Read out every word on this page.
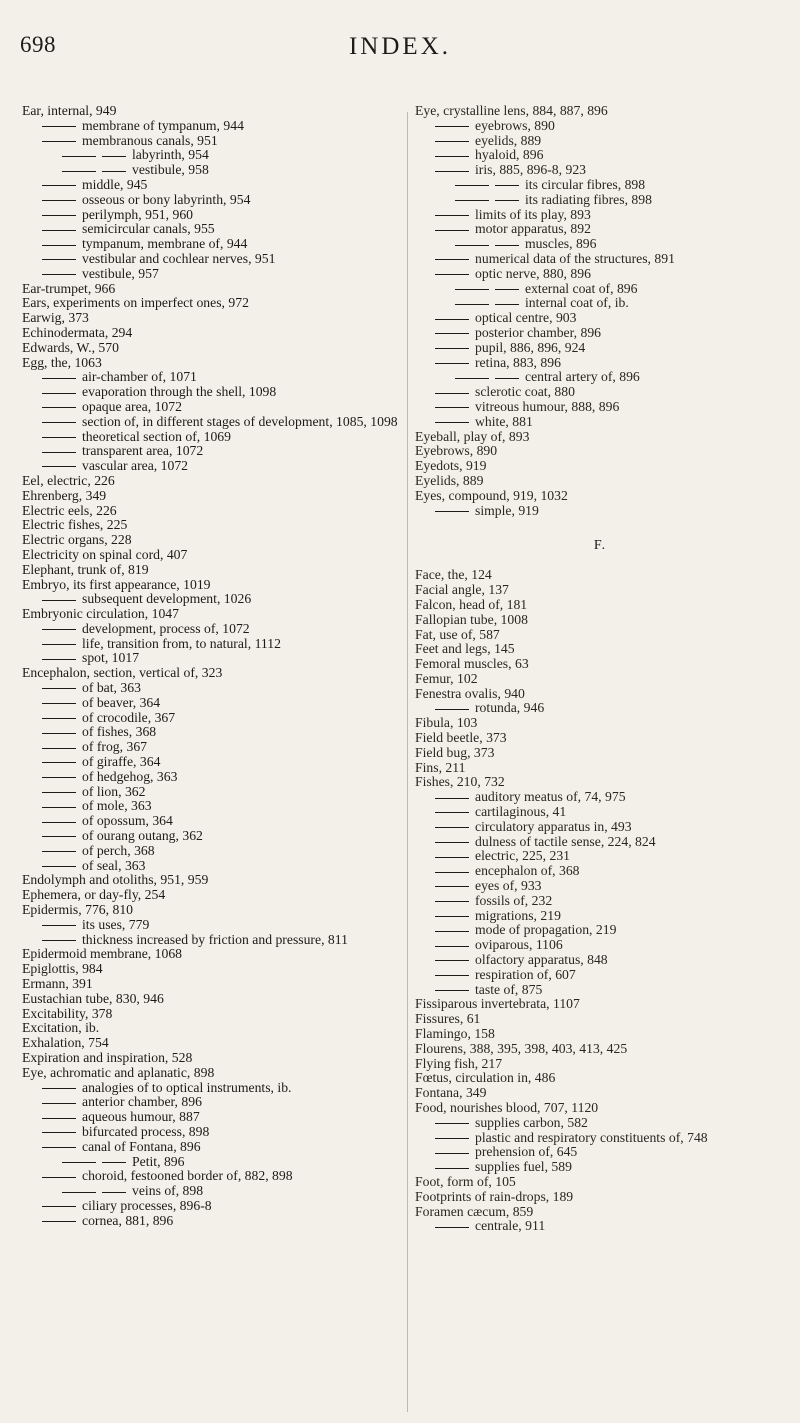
698	INDEX.
Ear, internal, 949
membrane of tympanum, 944
membranous canals, 951
labyrinth, 954
vestibule, 958
middle, 945
osseous or bony labyrinth, 954
perilymph, 951, 960
semicircular canals, 955
tympanum, membrane of, 944
vestibular and cochlear nerves, 951
vestibule, 957
Ear-trumpet, 966
Ears, experiments on imperfect ones, 972
Earwig, 373
Echinodermata, 294
Edwards, W., 570
Egg, the, 1063
air-chamber of, 1071
evaporation through the shell, 1098
opaque area, 1072
section of, in different stages of development, 1085, 1098
theoretical section of, 1069
transparent area, 1072
vascular area, 1072
Eel, electric, 226
Ehrenberg, 349
Electric eels, 226
Electric fishes, 225
Electric organs, 228
Electricity on spinal cord, 407
Elephant, trunk of, 819
Embryo, its first appearance, 1019
subsequent development, 1026
Embryonic circulation, 1047
development, process of, 1072
life, transition from, to natural, 1112
spot, 1017
Encephalon, section, vertical of, 323
of bat, 363
of beaver, 364
of crocodile, 367
of fishes, 368
of frog, 367
of giraffe, 364
of hedgehog, 363
of lion, 362
of mole, 363
of opossum, 364
of ourang outang, 362
of perch, 368
of seal, 363
Endolymph and otoliths, 951, 959
Ephemera, or day-fly, 254
Epidermis, 776, 810
its uses, 779
thickness increased by friction and pressure, 811
Epidermoid membrane, 1068
Epiglottis, 984
Ermann, 391
Eustachian tube, 830, 946
Excitability, 378
Excitation, ib.
Exhalation, 754
Expiration and inspiration, 528
Eye, achromatic and aplanatic, 898
analogies of to optical instruments, ib.
anterior chamber, 896
aqueous humour, 887
bifurcated process, 898
canal of Fontana, 896
Petit, 896
choroid, festooned border of, 882, 898
veins of, 898
ciliary processes, 896-8
cornea, 881, 896
Eye, crystalline lens, 884, 887, 896
eyebrows, 890
eyelids, 889
hyaloid, 896
iris, 885, 896-8, 923
its circular fibres, 898
its radiating fibres, 898
limits of its play, 893
motor apparatus, 892
muscles, 896
numerical data of the structures, 891
optic nerve, 880, 896
external coat of, 896
internal coat of, ib.
optical centre, 903
posterior chamber, 896
pupil, 886, 896, 924
retina, 883, 896
central artery of, 896
sclerotic coat, 880
vitreous humour, 888, 896
white, 881
Eyeball, play of, 893
Eyebrows, 890
Eyedots, 919
Eyelids, 889
Eyes, compound, 919, 1032
simple, 919
F.
Face, the, 124
Facial angle, 137
Falcon, head of, 181
Fallopian tube, 1008
Fat, use of, 587
Feet and legs, 145
Femoral muscles, 63
Femur, 102
Fenestra ovalis, 940
rotunda, 946
Fibula, 103
Field beetle, 373
Field bug, 373
Fins, 211
Fishes, 210, 732
auditory meatus of, 74, 975
cartilaginous, 41
circulatory apparatus in, 493
dulness of tactile sense, 224, 824
electric, 225, 231
encephalon of, 368
eyes of, 933
fossils of, 232
migrations, 219
mode of propagation, 219
oviparous, 1106
olfactory apparatus, 848
respiration of, 607
taste of, 875
Fissiparous invertebrata, 1107
Fissures, 61
Flamingo, 158
Flourens, 388, 395, 398, 403, 413, 425
Flying fish, 217
Fœtus, circulation in, 486
Fontana, 349
Food, nourishes blood, 707, 1120
supplies carbon, 582
plastic and respiratory constituents of, 748
prehension of, 645
supplies fuel, 589
Foot, form of, 105
Footprints of rain-drops, 189
Foramen cæcum, 859
centrale, 911
